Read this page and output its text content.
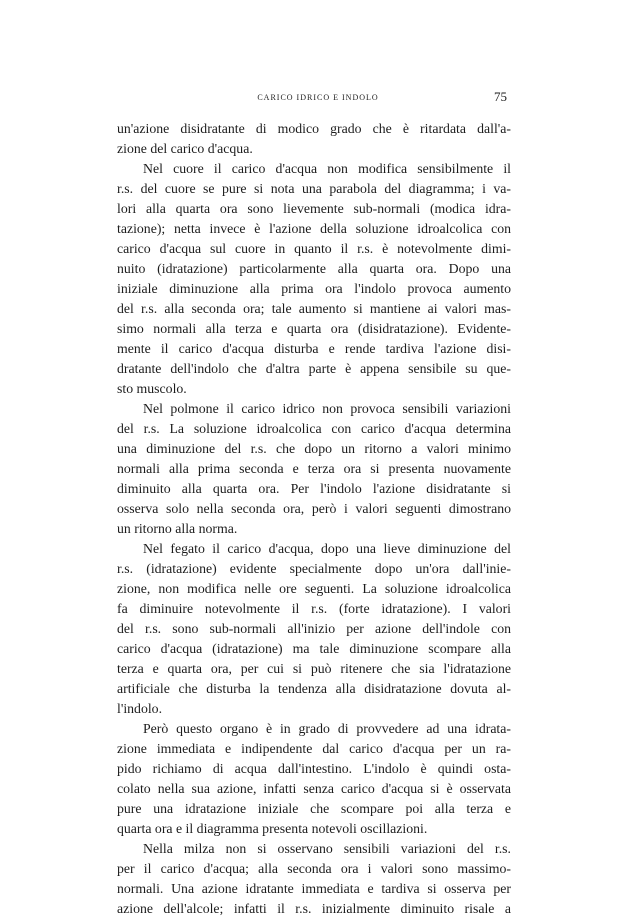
CARICO IDRICO E INDOLO	75
un'azione disidratante di modico grado che è ritardata dall'a-
zione del carico d'acqua.
Nel cuore il carico d'acqua non modifica sensibilmente il
r.s. del cuore se pure si nota una parabola del diagramma; i va-
lori alla quarta ora sono lievemente sub-normali (modica idra-
tazione); netta invece è l'azione della soluzione idroalcolica con
carico d'acqua sul cuore in quanto il r.s. è notevolmente dimi-
nuito (idratazione) particolarmente alla quarta ora. Dopo una
iniziale diminuzione alla prima ora l'indolo provoca aumento
del r.s. alla seconda ora; tale aumento si mantiene ai valori mas-
simo normali alla terza e quarta ora (disidratazione). Evidente-
mente il carico d'acqua disturba e rende tardiva l'azione disi-
dratante dell'indolo che d'altra parte è appena sensibile su que-
sto muscolo.
Nel polmone il carico idrico non provoca sensibili variazioni
del r.s. La soluzione idroalcolica con carico d'acqua determina
una diminuzione del r.s. che dopo un ritorno a valori minimo
normali alla prima seconda e terza ora si presenta nuovamente
diminuito alla quarta ora. Per l'indolo l'azione disidratante si
osserva solo nella seconda ora, però i valori seguenti dimostrano
un ritorno alla norma.
Nel fegato il carico d'acqua, dopo una lieve diminuzione del
r.s. (idratazione) evidente specialmente dopo un'ora dall'inie-
zione, non modifica nelle ore seguenti. La soluzione idroalcolica
fa diminuire notevolmente il r.s. (forte idratazione). I valori
del r.s. sono sub-normali all'inizio per azione dell'indole con
carico d'acqua (idratazione) ma tale diminuzione scompare alla
terza e quarta ora, per cui si può ritenere che sia l'idratazione
artificiale che disturba la tendenza alla disidratazione dovuta al-
l'indolo.
Però questo organo è in grado di provvedere ad una idrata-
zione immediata e indipendente dal carico d'acqua per un ra-
pido richiamo di acqua dall'intestino. L'indolo è quindi osta-
colato nella sua azione, infatti senza carico d'acqua si è osservata
pure una idratazione iniziale che scompare poi alla terza e
quarta ora e il diagramma presenta notevoli oscillazioni.
Nella milza non si osservano sensibili variazioni del r.s.
per il carico d'acqua; alla seconda ora i valori sono massimo-
normali. Una azione idratante immediata e tardiva si osserva per
azione dell'alcole; infatti il r.s. inizialmente diminuito risale a
